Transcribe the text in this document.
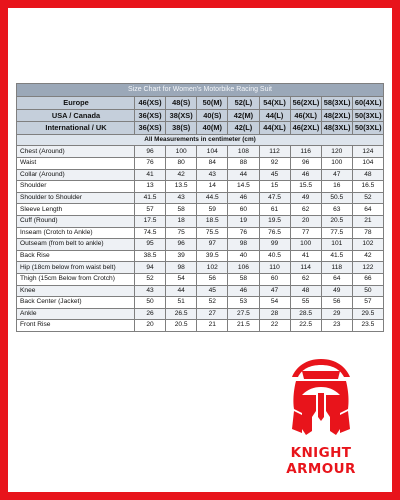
Size Chart for Women's Motorbike Racing Suit								
Europe	46(XS)	48(S)	50(M)	52(L)	54(XL)	56(2XL)	58(3XL)	60(4XL)
USA / Canada	36(XS)	38(XS)	40(S)	42(M)	44(L)	46(XL)	48(2XL)	50(3XL)
International / UK	36(XS)	38(S)	40(M)	42(L)	44(XL)	46(2XL)	48(3XL)	50(3XL)
All Measurements in centimeter (cm)								
Chest (Around)	96	100	104	108	112	116	120	124
Waist	76	80	84	88	92	96	100	104
Collar (Around)	41	42	43	44	45	46	47	48
Shoulder	13	13.5	14	14.5	15	15.5	16	16.5
Shoulder to Shoulder	41.5	43	44.5	46	47.5	49	50.5	52
Sleeve Length	57	58	59	60	61	62	63	64
Cuff (Round)	17.5	18	18.5	19	19.5	20	20.5	21
Inseam (Crotch to Ankle)	74.5	75	75.5	76	76.5	77	77.5	78
Outseam (from belt to ankle)	95	96	97	98	99	100	101	102
Back Rise	38.5	39	39.5	40	40.5	41	41.5	42
Hip (18cm below from waist belt)	94	98	102	106	110	114	118	122
Thigh (15cm Below from Crotch)	52	54	56	58	60	62	64	66
Knee	43	44	45	46	47	48	49	50
Back Center (Jacket)	50	51	52	53	54	55	56	57
Ankle	26	26.5	27	27.5	28	28.5	29	29.5
Front Rise	20	20.5	21	21.5	22	22.5	23	23.5
KNIGHT ARMOUR
